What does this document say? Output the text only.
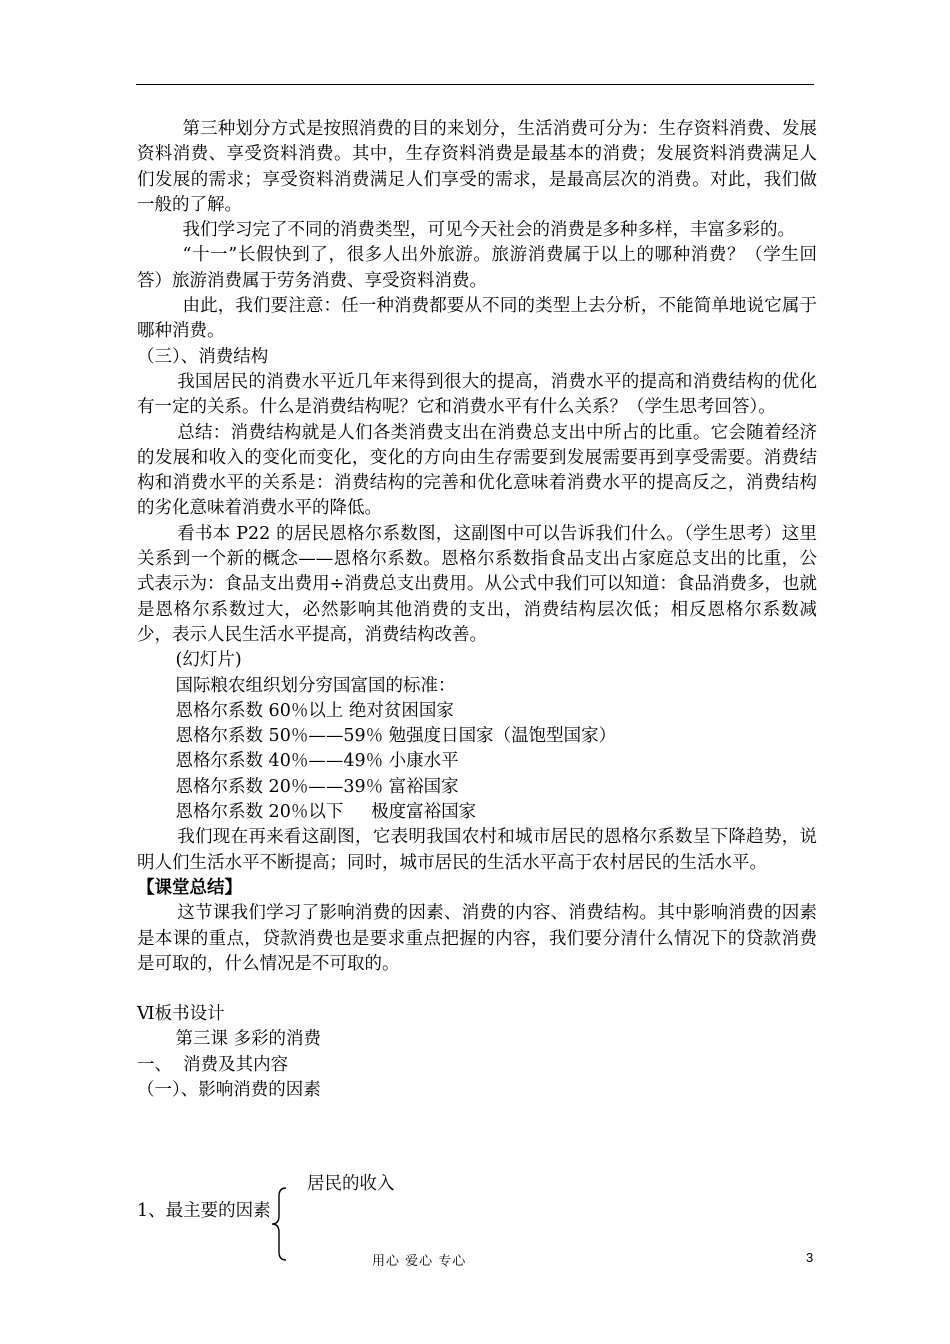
第三种划分方式是按照消费的目的来划分，生活消费可分为：生存资料消费、发展资料消费、享受资料消费。其中，生存资料消费是最基本的消费；发展资料消费满足人们发展的需求；享受资料消费满足人们享受的需求，是最高层次的消费。对此，我们做一般的了解。

我们学习完了不同的消费类型，可见今天社会的消费是多种多样，丰富多彩的。

“十一”长假快到了，很多人出外旅游。旅游消费属于以上的哪种消费？（学生回答）旅游消费属于劳务消费、享受资料消费。

由此，我们要注意：任一种消费都要从不同的类型上去分析，不能简单地说它属于哪种消费。

（三）、消费结构

我国居民的消费水平近几年来得到很大的提高，消费水平的提高和消费结构的优化有一定的关系。什么是消费结构呢？它和消费水平有什么关系？（学生思考回答）。

总结：消费结构就是人们各类消费支出在消费总支出中所占的比重。它会随着经济的发展和收入的变化而变化，变化的方向由生存需要到发展需要再到享受需要。消费结构和消费水平的关系是：消费结构的完善和优化意味着消费水平的提高反之，消费结构的劣化意味着消费水平的降低。

看书本 P22 的居民恩格尔系数图，这副图中可以告诉我们什么。（学生思考）这里关系到一个新的概念——恩格尔系数。恩格尔系数指食品支出占家庭总支出的比重，公式表示为：食品支出费用÷消费总支出费用。从公式中我们可以知道：食品消费多，也就是恩格尔系数过大，必然影响其他消费的支出，消费结构层次低；相反恩格尔系数减少，表示人民生活水平提高，消费结构改善。

(幻灯片)

国际粮农组织划分穷国富国的标准：

恩格尔系数 60％以上 绝对贫困国家

恩格尔系数 50％——59％ 勉强度日国家（温饱型国家）

恩格尔系数 40％——49％ 小康水平

恩格尔系数 20％——39％ 富裕国家

恩格尔系数 20％以下     极度富裕国家

我们现在再来看这副图，它表明我国农村和城市居民的恩格尔系数呈下降趋势，说明人们生活水平不断提高；同时，城市居民的生活水平高于农村居民的生活水平。

【课堂总结】

这节课我们学习了影响消费的因素、消费的内容、消费结构。其中影响消费的因素是本课的重点，贷款消费也是要求重点把握的内容，我们要分清什么情况下的贷款消费是可取的，什么情况是不可取的。

Ⅵ板书设计

第三课 多彩的消费

一、  消费及其内容

（一）、影响消费的因素

居民的收入
1、最主要的因素
用心 爱心 专心	3
